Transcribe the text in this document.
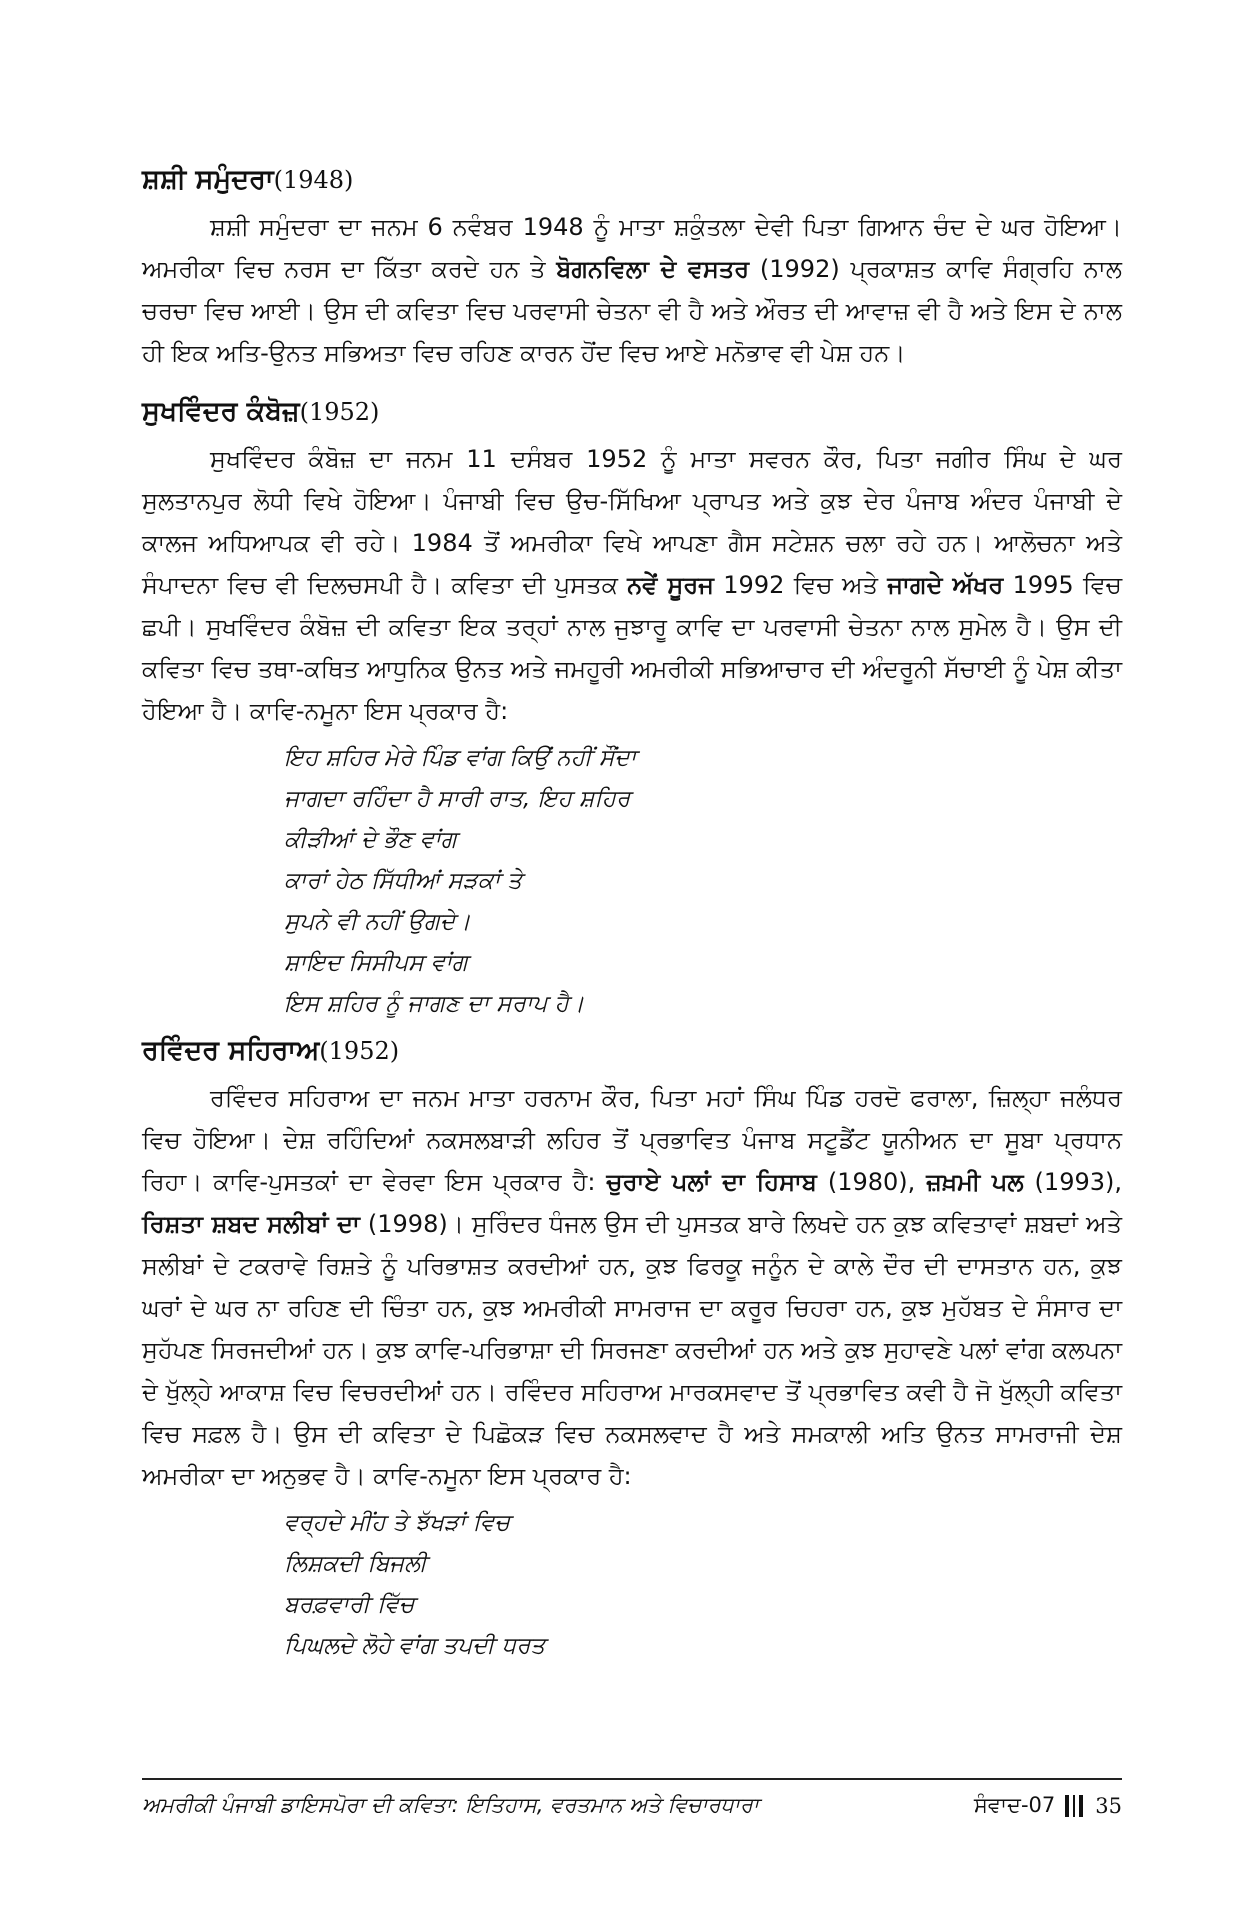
ਸ਼ਸ਼ੀ ਸਮੁੰਦਰਾ(1948)

ਸ਼ਸ਼ੀ ਸਮੁੰਦਰਾ ਦਾ ਜਨਮ 6 ਨਵੰਬਰ 1948 ਨੂੰ ਮਾਤਾ ਸ਼ਕੁੰਤਲਾ ਦੇਵੀ ਪਿਤਾ ਗਿਆਨ ਚੰਦ ਦੇ ਘਰ ਹੋਇਆ। ਅਮਰੀਕਾ ਵਿਚ ਨਰਸ ਦਾ ਕਿੱਤਾ ਕਰਦੇ ਹਨ ਤੇ ਬੋਗਨਵਿਲਾ ਦੇ ਵਸਤਰ (1992) ਪ੍ਰਕਾਸ਼ਤ ਕਾਵਿ ਸੰਗ੍ਰਹਿ ਨਾਲ ਚਰਚਾ ਵਿਚ ਆਈ। ਉਸ ਦੀ ਕਵਿਤਾ ਵਿਚ ਪਰਵਾਸੀ ਚੇਤਨਾ ਵੀ ਹੈ ਅਤੇ ਔਰਤ ਦੀ ਆਵਾਜ਼ ਵੀ ਹੈ ਅਤੇ ਇਸ ਦੇ ਨਾਲ ਹੀ ਇਕ ਅਤਿ-ਉਨਤ ਸਭਿਅਤਾ ਵਿਚ ਰਹਿਣ ਕਾਰਨ ਹੋਂਦ ਵਿਚ ਆਏ ਮਨੋਭਾਵ ਵੀ ਪੇਸ਼ ਹਨ।

ਸੁਖਵਿੰਦਰ ਕੰਬੋਜ਼(1952)

ਸੁਖਵਿੰਦਰ ਕੰਬੋਜ਼ ਦਾ ਜਨਮ 11 ਦਸੰਬਰ 1952 ਨੂੰ ਮਾਤਾ ਸਵਰਨ ਕੌਰ, ਪਿਤਾ ਜਗੀਰ ਸਿੰਘ ਦੇ ਘਰ ਸੁਲਤਾਨਪੁਰ ਲੋਧੀ ਵਿਖੇ ਹੋਇਆ। ਪੰਜਾਬੀ ਵਿਚ ਉਚ-ਸਿੱਖਿਆ ਪ੍ਰਾਪਤ ਅਤੇ ਕੁਝ ਦੇਰ ਪੰਜਾਬ ਅੰਦਰ ਪੰਜਾਬੀ ਦੇ ਕਾਲਜ ਅਧਿਆਪਕ ਵੀ ਰਹੇ। 1984 ਤੋਂ ਅਮਰੀਕਾ ਵਿਖੇ ਆਪਣਾ ਗੈਸ ਸਟੇਸ਼ਨ ਚਲਾ ਰਹੇ ਹਨ। ਆਲੋਚਨਾ ਅਤੇ ਸੰਪਾਦਨਾ ਵਿਚ ਵੀ ਦਿਲਚਸਪੀ ਹੈ। ਕਵਿਤਾ ਦੀ ਪੁਸਤਕ ਨਵੇਂ ਸੂਰਜ 1992 ਵਿਚ ਅਤੇ ਜਾਗਦੇ ਅੱਖਰ 1995 ਵਿਚ ਛਪੀ। ਸੁਖਵਿੰਦਰ ਕੰਬੋਜ਼ ਦੀ ਕਵਿਤਾ ਇਕ ਤਰ੍ਹਾਂ ਨਾਲ ਜੁਝਾਰੂ ਕਾਵਿ ਦਾ ਪਰਵਾਸੀ ਚੇਤਨਾ ਨਾਲ ਸੁਮੇਲ ਹੈ। ਉਸ ਦੀ ਕਵਿਤਾ ਵਿਚ ਤਥਾ-ਕਥਿਤ ਆਧੁਨਿਕ ਉਨਤ ਅਤੇ ਜਮਹੂਰੀ ਅਮਰੀਕੀ ਸਭਿਆਚਾਰ ਦੀ ਅੰਦਰੂਨੀ ਸੱਚਾਈ ਨੂੰ ਪੇਸ਼ ਕੀਤਾ ਹੋਇਆ ਹੈ। ਕਾਵਿ-ਨਮੂਨਾ ਇਸ ਪ੍ਰਕਾਰ ਹੈ:

ਇਹ ਸ਼ਹਿਰ ਮੇਰੇ ਪਿੰਡ ਵਾਂਗ ਕਿਉਂ ਨਹੀਂ ਸੌਂਦਾ
ਜਾਗਦਾ ਰਹਿੰਦਾ ਹੈ ਸਾਰੀ ਰਾਤ, ਇਹ ਸ਼ਹਿਰ
ਕੀੜੀਆਂ ਦੇ ਭੌਣ ਵਾਂਗ
ਕਾਰਾਂ ਹੇਠ ਸਿੱਧੀਆਂ ਸੜਕਾਂ ਤੇ
ਸੁਪਨੇ ਵੀ ਨਹੀਂ ਉਗਦੇ।
ਸ਼ਾਇਦ ਸਿਸੀਪਸ ਵਾਂਗ
ਇਸ ਸ਼ਹਿਰ ਨੂੰ ਜਾਗਣ ਦਾ ਸਰਾਪ ਹੈ।
ਰਵਿੰਦਰ ਸਹਿਰਾਅ(1952)

ਰਵਿੰਦਰ ਸਹਿਰਾਅ ਦਾ ਜਨਮ ਮਾਤਾ ਹਰਨਾਮ ਕੌਰ, ਪਿਤਾ ਮਹਾਂ ਸਿੰਘ ਪਿੰਡ ਹਰਦੋ ਫਰਾਲਾ, ਜ਼ਿਲ੍ਹਾ ਜਲੰਧਰ ਵਿਚ ਹੋਇਆ। ਦੇਸ਼ ਰਹਿੰਦਿਆਂ ਨਕਸਲਬਾੜੀ ਲਹਿਰ ਤੋਂ ਪ੍ਰਭਾਵਿਤ ਪੰਜਾਬ ਸਟੂਡੈਂਟ ਯੂਨੀਅਨ ਦਾ ਸੂਬਾ ਪ੍ਰਧਾਨ ਰਿਹਾ। ਕਾਵਿ-ਪੁਸਤਕਾਂ ਦਾ ਵੇਰਵਾ ਇਸ ਪ੍ਰਕਾਰ ਹੈ: ਚੁਰਾਏ ਪਲਾਂ ਦਾ ਹਿਸਾਬ (1980), ਜ਼ਖ਼ਮੀ ਪਲ (1993), ਰਿਸ਼ਤਾ ਸ਼ਬਦ ਸਲੀਬਾਂ ਦਾ (1998)। ਸੁਰਿੰਦਰ ਧੰਜਲ ਉਸ ਦੀ ਪੁਸਤਕ ਬਾਰੇ ਲਿਖਦੇ ਹਨ ਕੁਝ ਕਵਿਤਾਵਾਂ ਸ਼ਬਦਾਂ ਅਤੇ ਸਲੀਬਾਂ ਦੇ ਟਕਰਾਵੇ ਰਿਸ਼ਤੇ ਨੂੰ ਪਰਿਭਾਸ਼ਤ ਕਰਦੀਆਂ ਹਨ, ਕੁਝ ਫਿਰਕੂ ਜਨੂੰਨ ਦੇ ਕਾਲੇ ਦੌਰ ਦੀ ਦਾਸਤਾਨ ਹਨ, ਕੁਝ ਘਰਾਂ ਦੇ ਘਰ ਨਾ ਰਹਿਣ ਦੀ ਚਿੰਤਾ ਹਨ, ਕੁਝ ਅਮਰੀਕੀ ਸਾਮਰਾਜ ਦਾ ਕਰੂਰ ਚਿਹਰਾ ਹਨ, ਕੁਝ ਮੁਹੱਬਤ ਦੇ ਸੰਸਾਰ ਦਾ ਸੁਹੱਪਣ ਸਿਰਜਦੀਆਂ ਹਨ। ਕੁਝ ਕਾਵਿ-ਪਰਿਭਾਸ਼ਾ ਦੀ ਸਿਰਜਣਾ ਕਰਦੀਆਂ ਹਨ ਅਤੇ ਕੁਝ ਸੁਹਾਵਣੇ ਪਲਾਂ ਵਾਂਗ ਕਲਪਨਾ ਦੇ ਖੁੱਲ੍ਹੇ ਆਕਾਸ਼ ਵਿਚ ਵਿਚਰਦੀਆਂ ਹਨ। ਰਵਿੰਦਰ ਸਹਿਰਾਅ ਮਾਰਕਸਵਾਦ ਤੋਂ ਪ੍ਰਭਾਵਿਤ ਕਵੀ ਹੈ ਜੋ ਖੁੱਲ੍ਹੀ ਕਵਿਤਾ ਵਿਚ ਸਫ਼ਲ ਹੈ। ਉਸ ਦੀ ਕਵਿਤਾ ਦੇ ਪਿਛੋਕੜ ਵਿਚ ਨਕਸਲਵਾਦ ਹੈ ਅਤੇ ਸਮਕਾਲੀ ਅਤਿ ਉਨਤ ਸਾਮਰਾਜੀ ਦੇਸ਼ ਅਮਰੀਕਾ ਦਾ ਅਨੁਭਵ ਹੈ। ਕਾਵਿ-ਨਮੂਨਾ ਇਸ ਪ੍ਰਕਾਰ ਹੈ:

ਵਰ੍ਹਦੇ ਮੀਂਹ ਤੇ ਝੱਖੜਾਂ ਵਿਚ
ਲਿਸ਼ਕਦੀ ਬਿਜਲੀ
ਬਰਫ਼ਵਾਰੀ ਵਿੱਚ
ਪਿਘਲਦੇ ਲੋਹੇ ਵਾਂਗ ਤਪਦੀ ਧਰਤ
ਅਮਰੀਕੀ ਪੰਜਾਬੀ ਡਾਇਸਪੋਰਾ ਦੀ ਕਵਿਤਾ: ਇਤਿਹਾਸ, ਵਰਤਮਾਨ ਅਤੇ ਵਿਚਾਰਧਾਰਾ	ਸੰਵਾਦ-07 35
